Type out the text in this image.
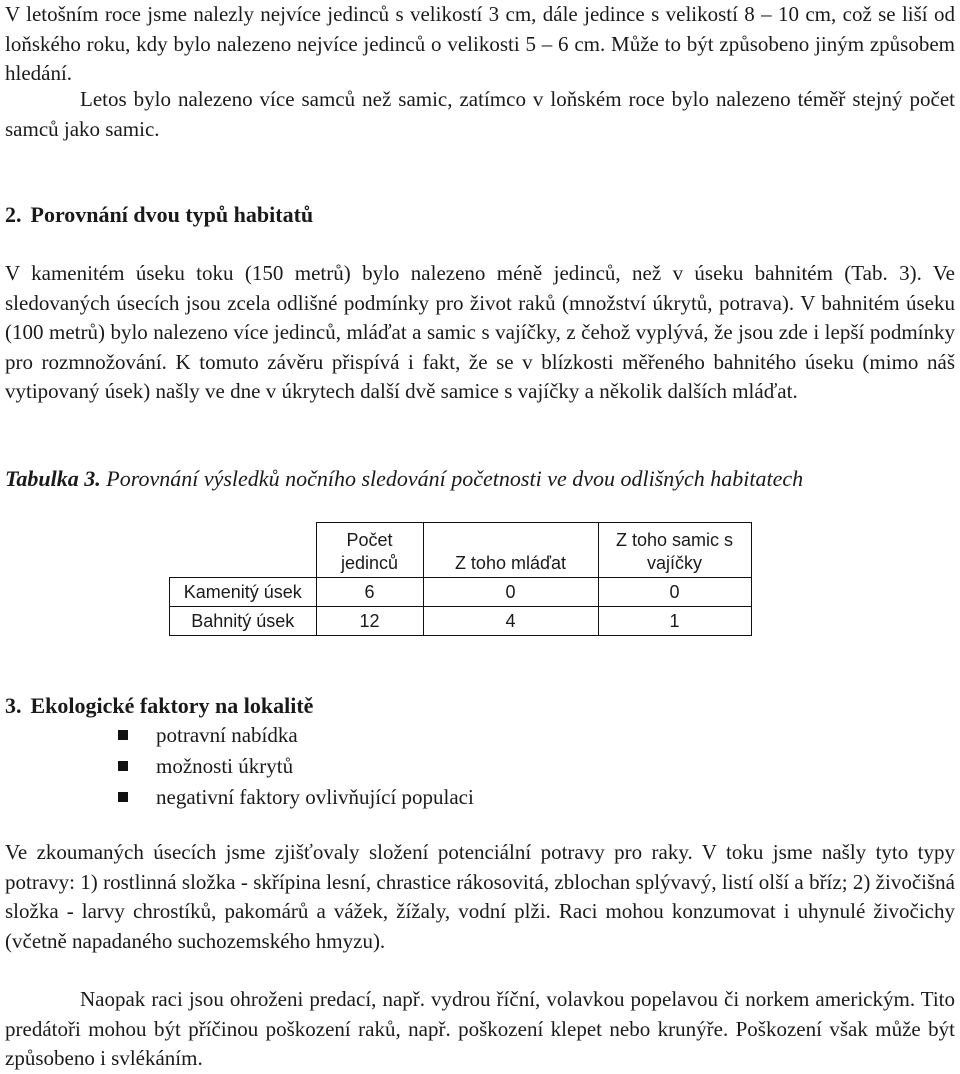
V letošním roce jsme nalezly nejvíce jedinců s velikostí 3 cm, dále jedince s velikostí 8 – 10 cm, což se liší od loňského roku, kdy bylo nalezeno nejvíce jedinců o velikosti 5 – 6 cm. Může to být způsobeno jiným způsobem hledání.

Letos bylo nalezeno více samců než samic, zatímco v loňském roce bylo nalezeno téměř stejný počet samců jako samic.

2. Porovnání dvou typů habitatů

V kamenitém úseku toku (150 metrů) bylo nalezeno méně jedinců, než v úseku bahnitém (Tab. 3). Ve sledovaných úsecích jsou zcela odlišné podmínky pro život raků (množství úkrytů, potrava). V bahnitém úseku (100 metrů) bylo nalezeno více jedinců, mláďat a samic s vajíčky, z čehož vyplývá, že jsou zde i lepší podmínky pro rozmnožování. K tomuto závěru přispívá i fakt, že se v blízkosti měřeného bahnitého úseku (mimo náš vytipovaný úsek) našly ve dne v úkrytech další dvě samice s vajíčky a několik dalších mláďat.

Tabulka 3. Porovnání výsledků nočního sledování početnosti ve dvou odlišných habitatech
	Počet jedinců	Z toho mláďat	Z toho samic s vajíčky
Kamenitý úsek	6	0	0
Bahnitý úsek	12	4	1
3. Ekologické faktory na lokalitě
potravní nabídka
možnosti úkrytů
negativní faktory ovlivňující populaci

Ve zkoumaných úsecích jsme zjišťovaly složení potenciální potravy pro raky. V toku jsme našly tyto typy potravy: 1) rostlinná složka - skřípina lesní, chrastice rákosovitá, zblochan splývavý, listí olší a bříz; 2) živočišná složka - larvy chrostíků, pakomárů a vážek, žížaly, vodní plži. Raci mohou konzumovat i uhynulé živočichy (včetně napadaného suchozemského hmyzu).

Naopak raci jsou ohroženi predací, např. vydrou říční, volavkou popelavou či norkem americkým. Tito predátoři mohou být příčinou poškození raků, např. poškození klepet nebo krunýře. Poškození však může být způsobeno i svlékáním.
